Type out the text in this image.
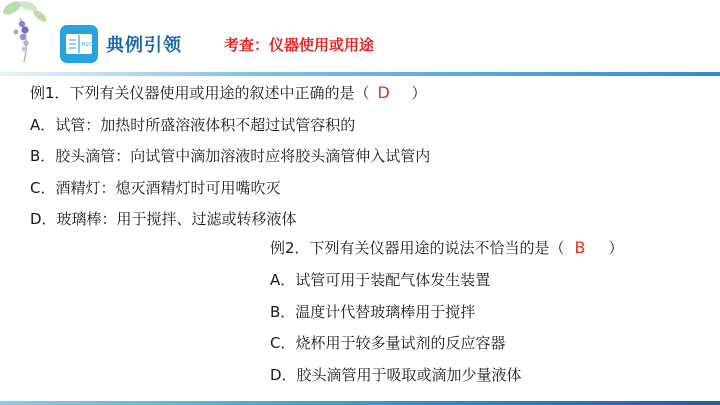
H2O 典例引领	考查：仪器使用或用途
例1．下列有关仪器使用或用途的叙述中正确的是（ D ）
A．试管：加热时所盛溶液体积不超过试管容积的
B．胶头滴管：向试管中滴加溶液时应将胶头滴管伸入试管内
C．酒精灯：熄灭酒精灯时可用嘴吹灭
D．玻璃棒：用于搅拌、过滤或转移液体
例2．下列有关仪器用途的说法不恰当的是（ B ）
A．试管可用于装配气体发生装置
B．温度计代替玻璃棒用于搅拌
C．烧杯用于较多量试剂的反应容器
D．胶头滴管用于吸取或滴加少量液体
